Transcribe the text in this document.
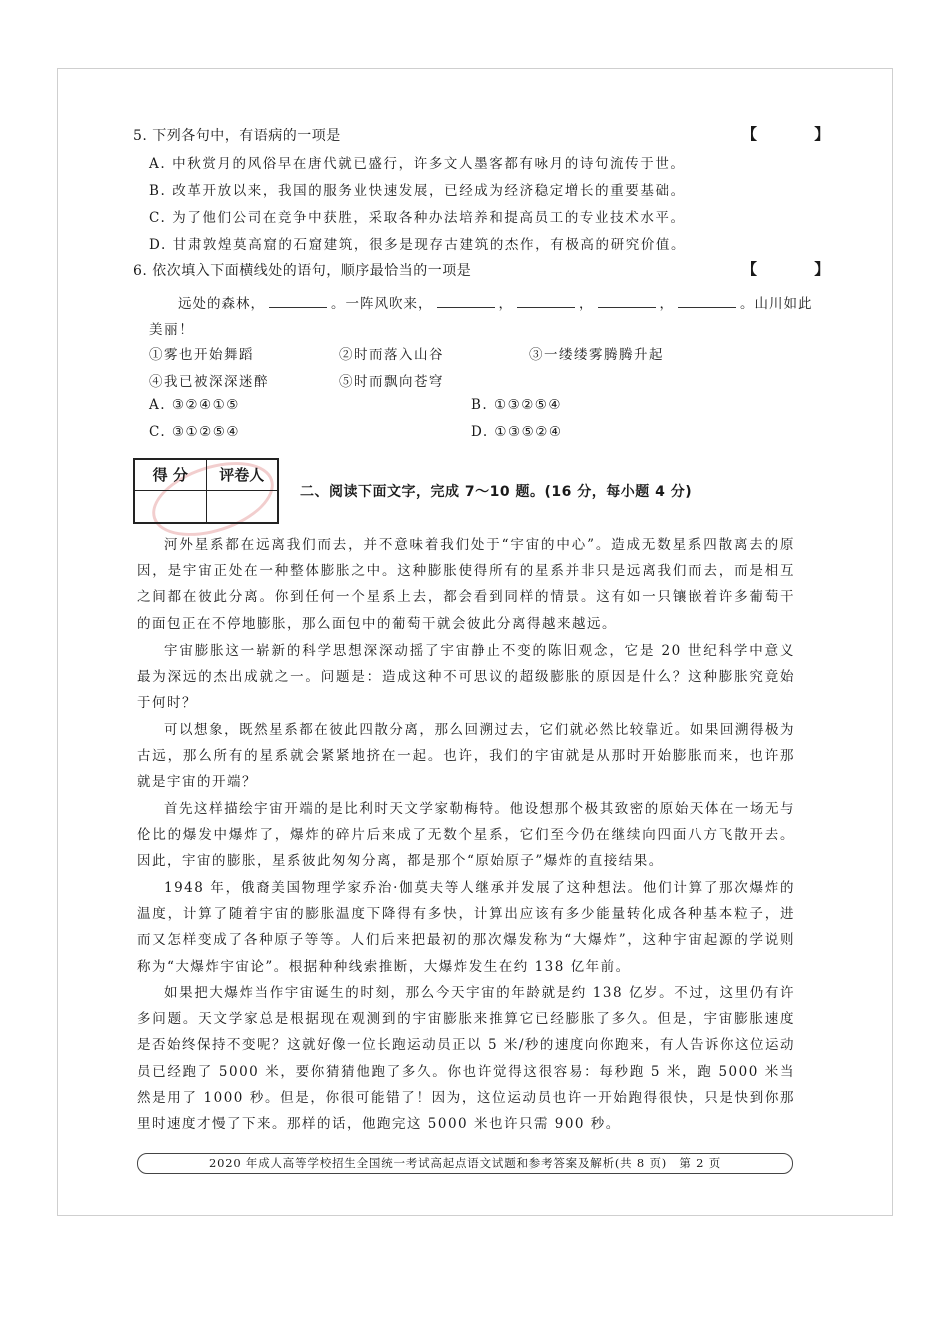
5. 下列各句中，有语病的一项是	【 】
A. 中秋赏月的风俗早在唐代就已盛行，许多文人墨客都有咏月的诗句流传于世。
B. 改革开放以来，我国的服务业快速发展，已经成为经济稳定增长的重要基础。
C. 为了他们公司在竞争中获胜，采取各种办法培养和提高员工的专业技术水平。
D. 甘肃敦煌莫高窟的石窟建筑，很多是现存古建筑的杰作，有极高的研究价值。
6. 依次填入下面横线处的语句，顺序最恰当的一项是	【 】
远处的森林，	。一阵风吹来，	，	，	，	。山川如此
美丽！
①雾也开始舞蹈	②时而落入山谷	③一缕缕雾腾腾升起
④我已被深深迷醉	⑤时而飘向苍穹
A. ③②④①⑤	B. ①③②⑤④
C. ③①②⑤④	D. ①③⑤②④
得 分	评卷人
二、阅读下面文字，完成 7～10 题。(16 分，每小题 4 分)

河外星系都在远离我们而去，并不意味着我们处于“宇宙的中心”。造成无数星系四散离去的原因，是宇宙正处在一种整体膨胀之中。这种膨胀使得所有的星系并非只是远离我们而去，而是相互之间都在彼此分离。你到任何一个星系上去，都会看到同样的情景。这有如一只镶嵌着许多葡萄干的面包正在不停地膨胀，那么面包中的葡萄干就会彼此分离得越来越远。

宇宙膨胀这一崭新的科学思想深深动摇了宇宙静止不变的陈旧观念，它是 20 世纪科学中意义最为深远的杰出成就之一。问题是：造成这种不可思议的超级膨胀的原因是什么？这种膨胀究竟始于何时？

可以想象，既然星系都在彼此四散分离，那么回溯过去，它们就必然比较靠近。如果回溯得极为古远，那么所有的星系就会紧紧地挤在一起。也许，我们的宇宙就是从那时开始膨胀而来，也许那就是宇宙的开端？

首先这样描绘宇宙开端的是比利时天文学家勒梅特。他设想那个极其致密的原始天体在一场无与伦比的爆发中爆炸了，爆炸的碎片后来成了无数个星系，它们至今仍在继续向四面八方飞散开去。因此，宇宙的膨胀，星系彼此匆匆分离，都是那个“原始原子”爆炸的直接结果。

1948 年，俄裔美国物理学家乔治·伽莫夫等人继承并发展了这种想法。他们计算了那次爆炸的温度，计算了随着宇宙的膨胀温度下降得有多快，计算出应该有多少能量转化成各种基本粒子，进而又怎样变成了各种原子等等。人们后来把最初的那次爆发称为“大爆炸”，这种宇宙起源的学说则称为“大爆炸宇宙论”。根据种种线索推断，大爆炸发生在约 138 亿年前。

如果把大爆炸当作宇宙诞生的时刻，那么今天宇宙的年龄就是约 138 亿岁。不过，这里仍有许多问题。天文学家总是根据现在观测到的宇宙膨胀来推算它已经膨胀了多久。但是，宇宙膨胀速度是否始终保持不变呢？这就好像一位长跑运动员正以 5 米/秒的速度向你跑来，有人告诉你这位运动员已经跑了 5000 米，要你猜猜他跑了多久。你也许觉得这很容易：每秒跑 5 米，跑 5000 米当然是用了 1000 秒。但是，你很可能错了！因为，这位运动员也许一开始跑得很快，只是快到你那里时速度才慢了下来。那样的话，他跑完这 5000 米也许只需 900 秒。

2020 年成人高等学校招生全国统一考试高起点语文试题和参考答案及解析(共 8 页)　第 2 页
